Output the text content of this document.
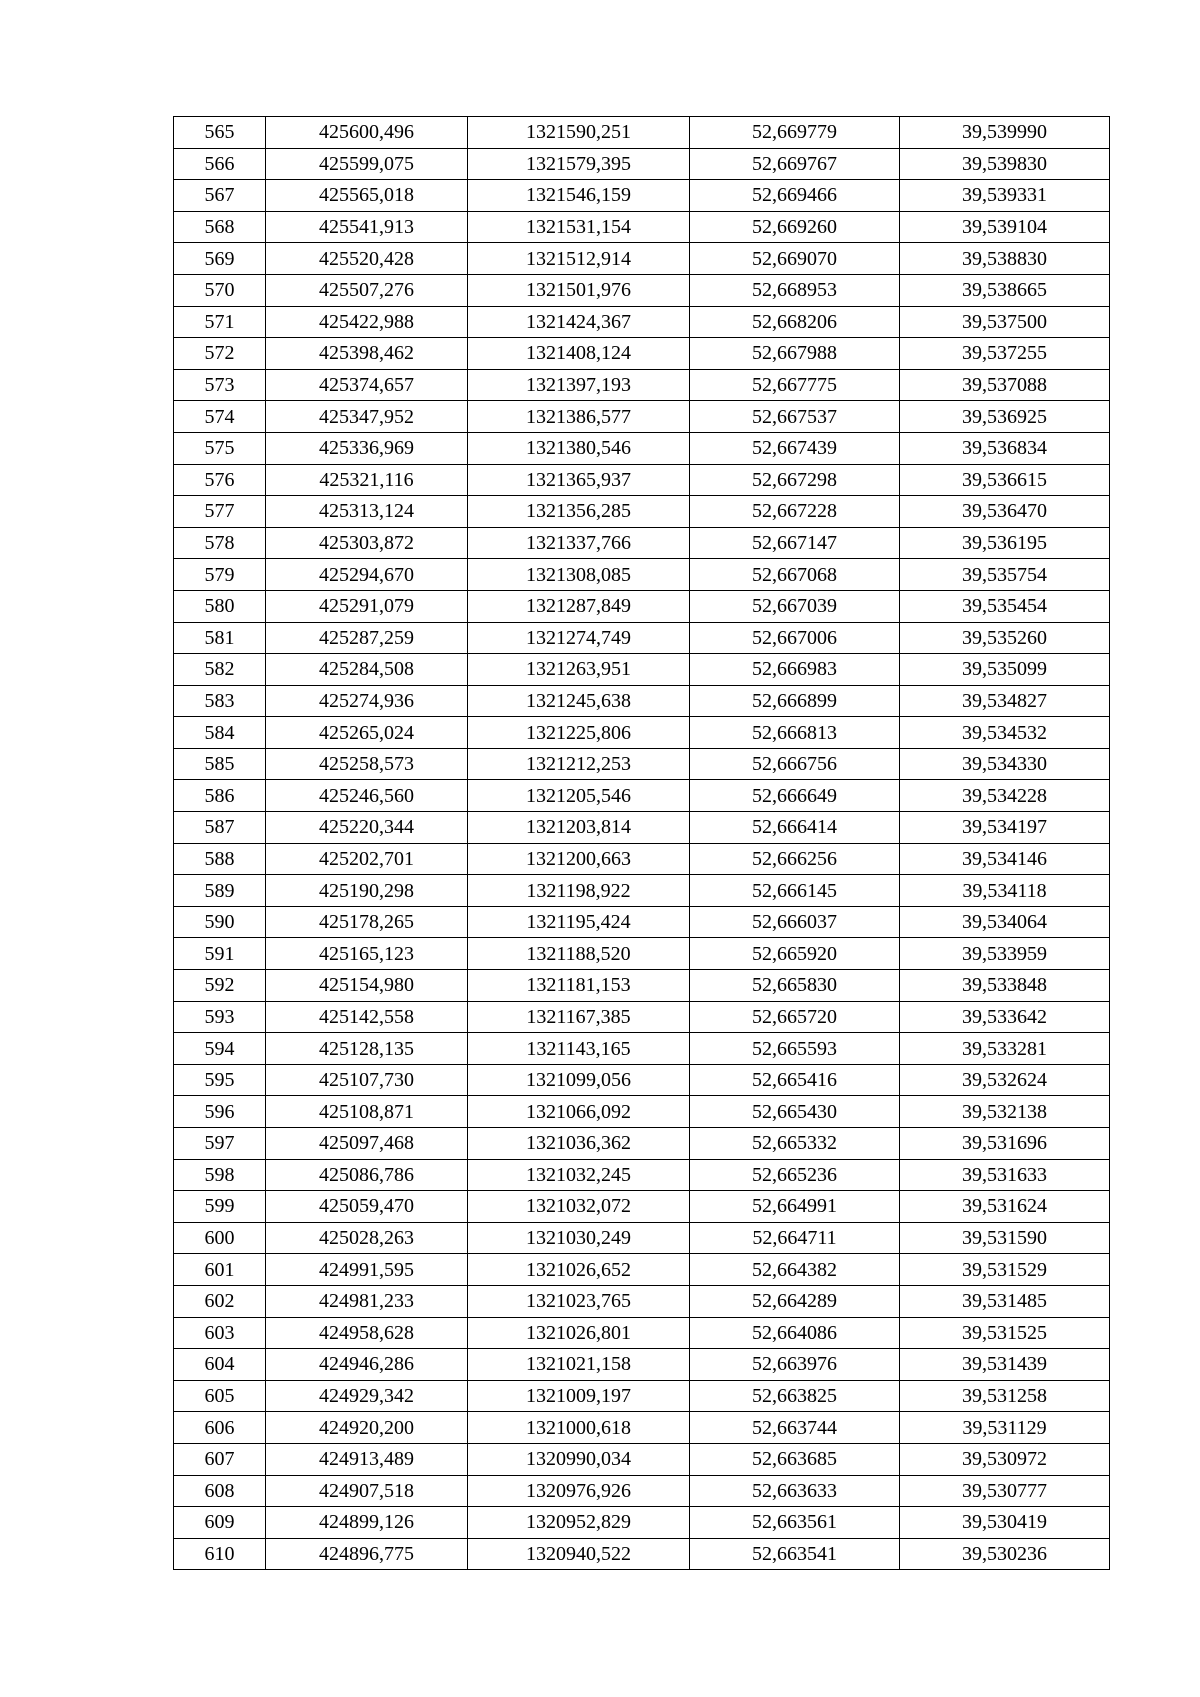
565	425600,496	1321590,251	52,669779	39,539990
566	425599,075	1321579,395	52,669767	39,539830
567	425565,018	1321546,159	52,669466	39,539331
568	425541,913	1321531,154	52,669260	39,539104
569	425520,428	1321512,914	52,669070	39,538830
570	425507,276	1321501,976	52,668953	39,538665
571	425422,988	1321424,367	52,668206	39,537500
572	425398,462	1321408,124	52,667988	39,537255
573	425374,657	1321397,193	52,667775	39,537088
574	425347,952	1321386,577	52,667537	39,536925
575	425336,969	1321380,546	52,667439	39,536834
576	425321,116	1321365,937	52,667298	39,536615
577	425313,124	1321356,285	52,667228	39,536470
578	425303,872	1321337,766	52,667147	39,536195
579	425294,670	1321308,085	52,667068	39,535754
580	425291,079	1321287,849	52,667039	39,535454
581	425287,259	1321274,749	52,667006	39,535260
582	425284,508	1321263,951	52,666983	39,535099
583	425274,936	1321245,638	52,666899	39,534827
584	425265,024	1321225,806	52,666813	39,534532
585	425258,573	1321212,253	52,666756	39,534330
586	425246,560	1321205,546	52,666649	39,534228
587	425220,344	1321203,814	52,666414	39,534197
588	425202,701	1321200,663	52,666256	39,534146
589	425190,298	1321198,922	52,666145	39,534118
590	425178,265	1321195,424	52,666037	39,534064
591	425165,123	1321188,520	52,665920	39,533959
592	425154,980	1321181,153	52,665830	39,533848
593	425142,558	1321167,385	52,665720	39,533642
594	425128,135	1321143,165	52,665593	39,533281
595	425107,730	1321099,056	52,665416	39,532624
596	425108,871	1321066,092	52,665430	39,532138
597	425097,468	1321036,362	52,665332	39,531696
598	425086,786	1321032,245	52,665236	39,531633
599	425059,470	1321032,072	52,664991	39,531624
600	425028,263	1321030,249	52,664711	39,531590
601	424991,595	1321026,652	52,664382	39,531529
602	424981,233	1321023,765	52,664289	39,531485
603	424958,628	1321026,801	52,664086	39,531525
604	424946,286	1321021,158	52,663976	39,531439
605	424929,342	1321009,197	52,663825	39,531258
606	424920,200	1321000,618	52,663744	39,531129
607	424913,489	1320990,034	52,663685	39,530972
608	424907,518	1320976,926	52,663633	39,530777
609	424899,126	1320952,829	52,663561	39,530419
610	424896,775	1320940,522	52,663541	39,530236
